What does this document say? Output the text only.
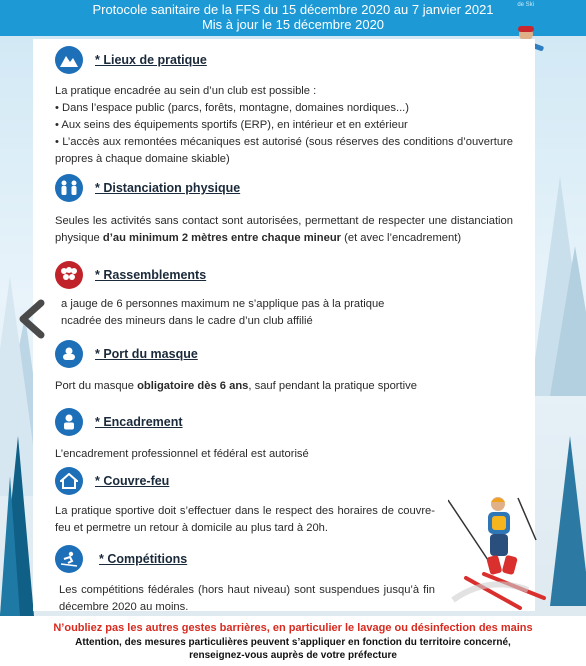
Protocole sanitaire de la FFS du 15 décembre 2020 au 7 janvier 2021
Mis à jour le 15 décembre 2020
de Ski
* Lieux de pratique

La pratique encadrée au sein d’un club est possible :

• Dans l’espace public (parcs, forêts, montagne, domaines nordiques...)

• Aux seins des équipements sportifs (ERP), en intérieur et en extérieur

• L’accès aux remontées mécaniques est autorisé (sous réserves des conditions d’ouverture propres à chaque domaine skiable)

* Distanciation physique

Seules les activités sans contact sont autorisées, permettant de respecter une distanciation physique d’au minimum 2 mètres entre chaque mineur (et avec l’encadrement)

* Rassemblements

a jauge de 6 personnes maximum ne s’applique pas à la pratique

ncadrée des mineurs dans le cadre d’un club affilié

* Port du masque

Port du masque obligatoire dès 6 ans, sauf pendant la pratique sportive

* Encadrement

L’encadrement professionnel et fédéral est autorisé

* Couvre-feu

La pratique sportive doit s’effectuer dans le respect des horaires de couvre-feu et permetre un retour à domicile au plus tard à 20h.

* Compétitions

Les compétitions fédérales (hors haut niveau) sont suspendues jusqu’à fin décembre 2020 au moins.

N’oubliez pas les autres gestes barrières, en particulier le lavage ou désinfection des mains
Attention, des mesures particulières peuvent s’appliquer en fonction du territoire concerné,
renseignez-vous auprès de votre préfecture
